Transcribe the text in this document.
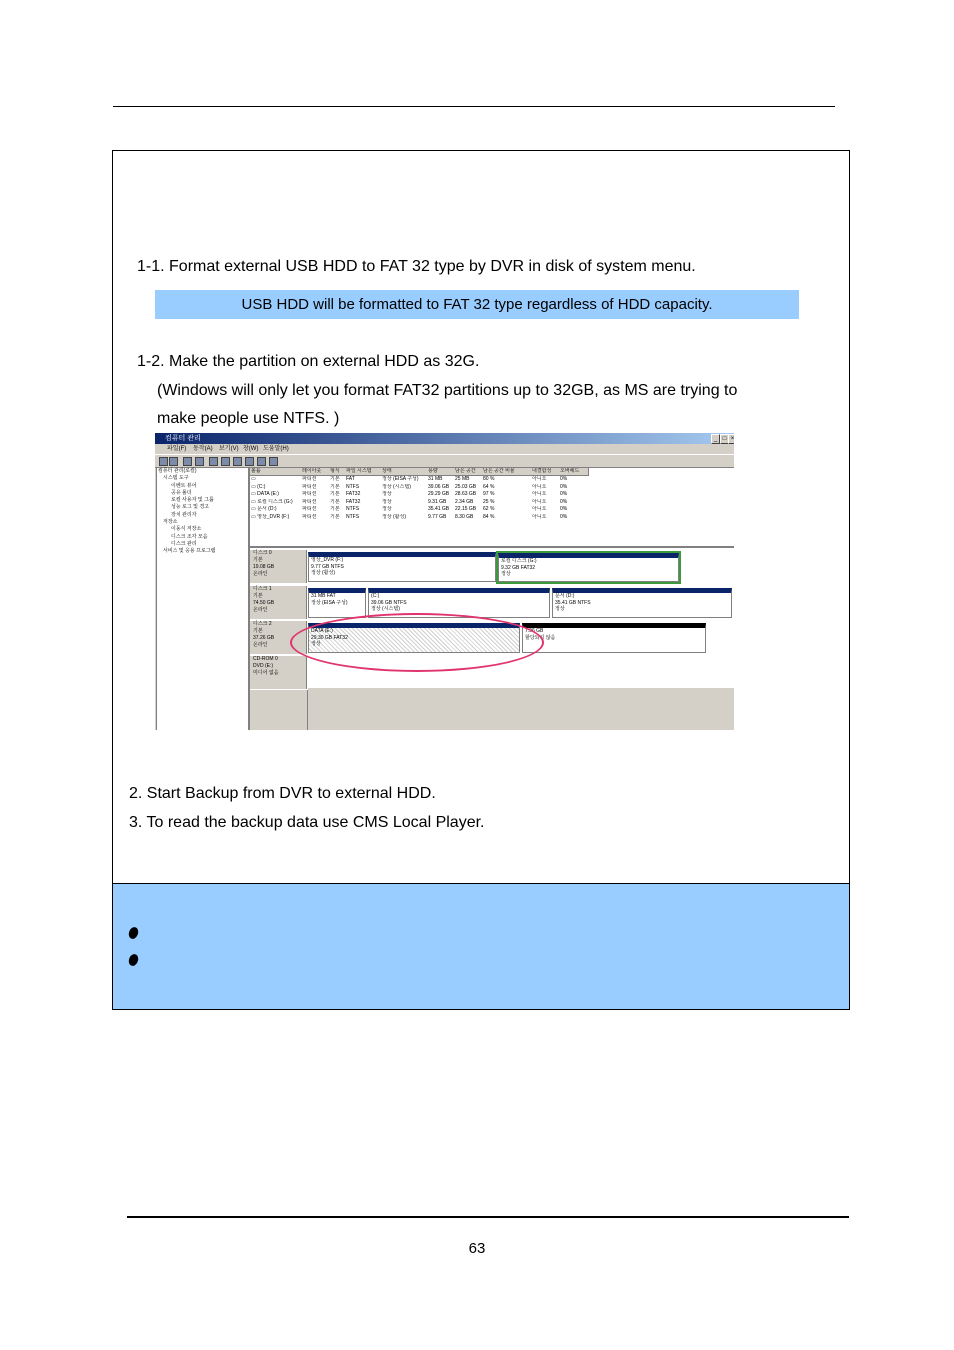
1-1. Format external USB HDD to FAT 32 type by DVR in disk of system menu.
USB HDD will be formatted to FAT 32 type regardless of HDD capacity.
1-2. Make the partition on external HDD as 32G.
(Windows will only let you format FAT32 partitions up to 32GB, as MS are trying to
make people use NTFS. )
컴퓨터 관리	_ □ ×
파일(F) 동작(A) 보기(V) 창(W) 도움말(H)
컴퓨터 관리(로컬)
시스템 도구
이벤트 뷰어
공유 폴더
로컬 사용자 및 그룹
성능 로그 및 경고
장치 관리자
저장소
이동식 저장소
디스크 조각 모음
디스크 관리
서비스 및 응용 프로그램
볼륨	레이아웃	형식	파일 시스템	상태	용량	남은 공간	남은 공간 비율	내결함성	오버헤드
▭	파티션	기본	FAT	정상 (EISA 구성)	31 MB	25 MB	80 %	아니오	0%
▭ (C:)	파티션	기본	NTFS	정상 (시스템)	39.06 GB	25.03 GB	64 %	아니오	0%
▭ DATA (E:)	파티션	기본	FAT32	정상	29.29 GB	28.63 GB	97 %	아니오	0%
▭ 로컬 디스크 (G:)	파티션	기본	FAT32	정상	9.31 GB	2.34 GB	25 %	아니오	0%
▭ 문서 (D:)	파티션	기본	NTFS	정상	35.41 GB	22.15 GB	62 %	아니오	0%
▭ 영상_DVR (F:)	파티션	기본	NTFS	정상 (활성)	9.77 GB	8.30 GB	84 %	아니오	0%
디스크 0
기본
19.08 GB
온라인
영상_DVR (F:)
9.77 GB NTFS
정상 (활성)
로컬 디스크 (G:)
9.32 GB FAT32
정상
디스크 1
기본
74.50 GB
온라인
31 MB FAT
정상 (EISA 구성)
(C:)
39.06 GB NTFS
정상 (시스템)
문서 (D:)
35.41 GB NTFS
정상
디스크 2
기본
37.26 GB
온라인
DATA (E:)
29.30 GB FAT32
정상
7.96 GB
할당되지 않음
CD-ROM 0
DVD (E:)
미디어 없음
2. Start Backup from DVR to external HDD.
3. To read the backup data use CMS Local Player.
63
